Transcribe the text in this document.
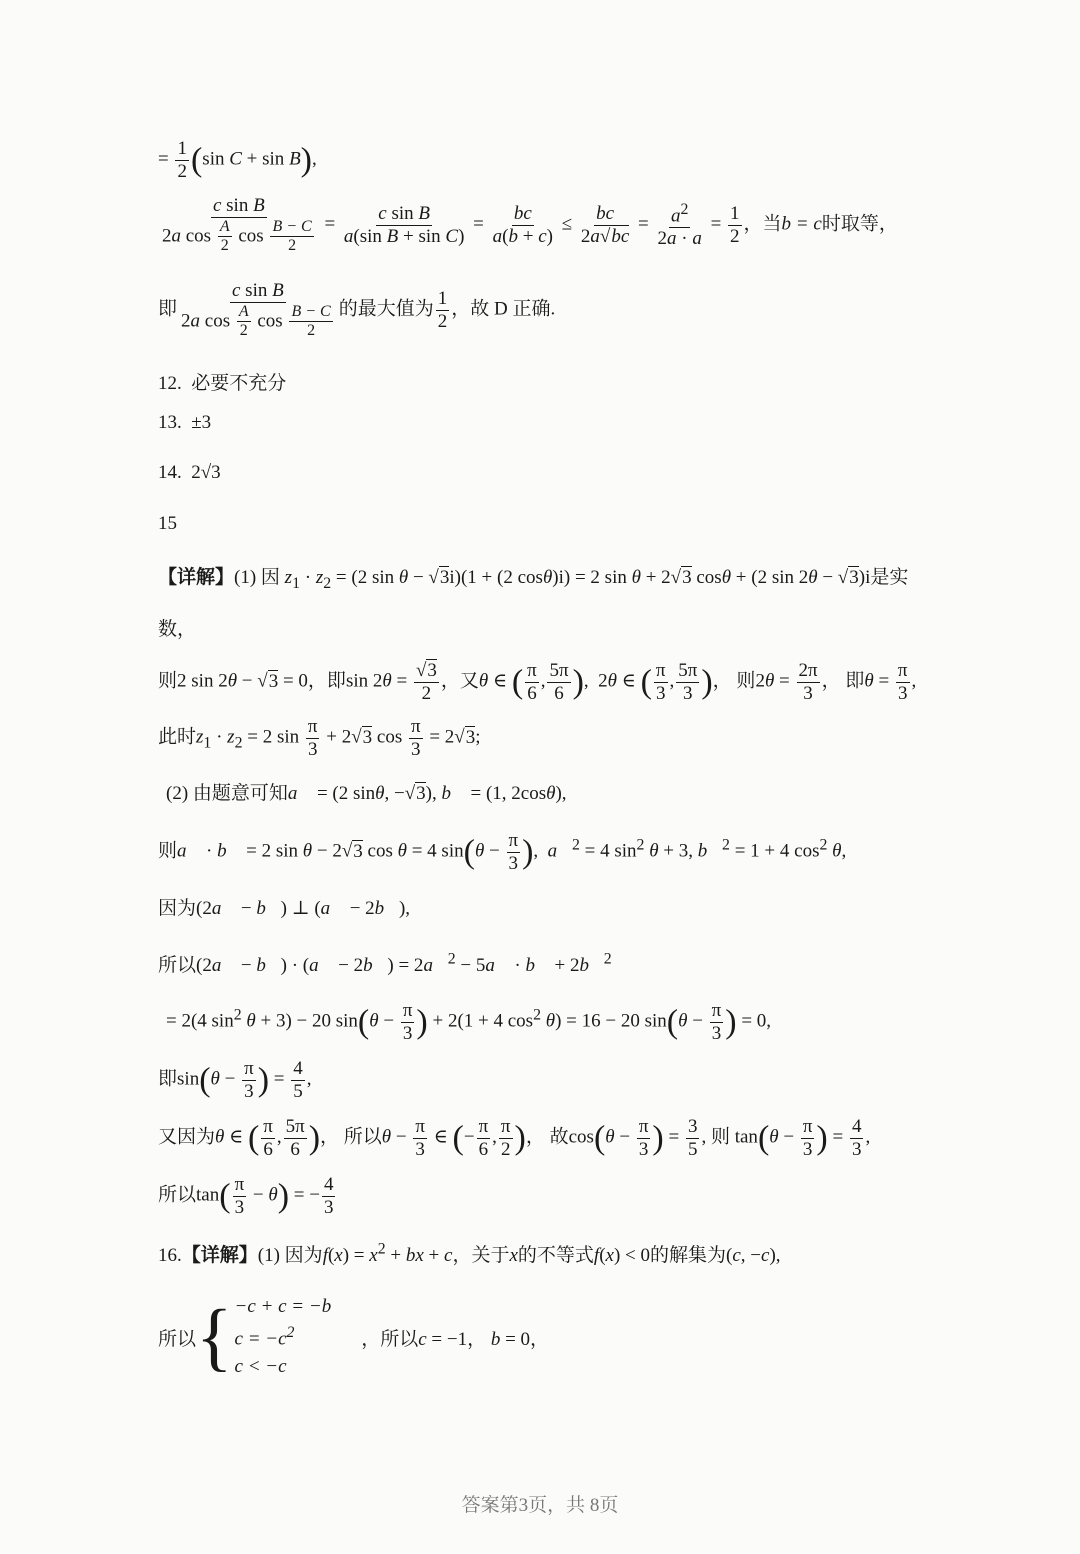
= $\frac{1}{2} (\sin$ C + sin B),
$\frac{\text{c sin B}}{2a \cos \frac{A}{2} \cos \frac{B - C}{2}} = \frac{\text{c sin B}}{\text{a(sin B + sin C)}} = \frac{bc}{a(b + c)} \le \frac{bc}{2a√bc} = \frac{a^2}{2a \cdot a} = \frac{1}{2}$ ，当b = c时取等，
即 $\frac{\text{c sin B}}{2a \cos \frac{A}{2} \cos \frac{B - C}{2}}$ 的最大值为 $\frac{1}{2}$ ，故 D 正确.
12. 必要不充分
13. ±3
14. 2√3
15
【详解】(1) 因 $z_1 \cdot z_2 = (2$ sin θ − √3i)(1 + (2 cosθ)i) = 2 sin θ + 2√3 cosθ + (2 sin 2θ − √3)i是实
数，
则2 sin 2θ − √3 = 0，即$\sin 2\theta = \frac{√3}{2}$ ，又θ ∈ ( $\frac{\pi}{6}$ , $\frac{5\pi}{6}$ ),  2θ ∈ ( $\frac{\pi}{3}$ , $\frac{5\pi}{3}$ )， 则$2\theta = \frac{2\pi}{3}$ ， 即$\theta = \frac{\pi}{3}$ ,
此时$z_1 \cdot z_2 = 2$ $\sin \frac{\pi}{3} + 2√3$ $\cos \frac{\pi}{3} = 2√3$;
(2) 由题意可知a⃗ = (2 sinθ, −√3), b⃗ = (1, 2cosθ),
则a⃗ · b⃗ = 2 sin θ − 2√3 cos θ = 4 $\sin(\theta - \frac{\pi}{3}$ ),  a⃗$^2$ = 4 $\sin^2 \theta + 3$, b⃗$^2$ = 1 + 4 $\cos^2 \theta$,
因为(2a⃗ − b⃗) ⊥ (a⃗ − 2b⃗),
所以(2a⃗ − b⃗) · (a⃗ − 2b⃗) = 2a⃗$^2$ − 5a⃗ · b⃗ + 2b⃗$^2$
= 2(4 $\sin^2 \theta + 3) - 20$ $\sin(\theta - \frac{\pi}{3}$ ) + 2(1 + 4 $\cos^2 \theta) = 16 - 20$ $\sin(\theta - \frac{\pi}{3}$ ) = 0,
即$\sin(\theta - \frac{\pi}{3}$ ) = $\frac{4}{5}$ ,
又因为θ ∈ ( $\frac{\pi}{6}$ , $\frac{5\pi}{6}$ )， 所以$\theta - \frac{\pi}{3}$ ∈ (− $\frac{\pi}{6}$ , $\frac{\pi}{2}$ )， 故$\cos(\theta - \frac{\pi}{3}$ ) = $\frac{3}{5}$ , 则 $\tan(\theta - \frac{\pi}{3}$ ) = $\frac{4}{3}$ ,
所以$\tan( \frac{\pi}{3} - \theta)$ = − $\frac{4}{3}$
16.【详解】(1) 因为$f(x) = x^2$ + bx + c，关于x的不等式f(x) < 0的解集为(c, −c),
所以 { −c + c = −b
$c = -c^2$
c < −c
，所以c = −1， b = 0，
答案第3页，共 8页
